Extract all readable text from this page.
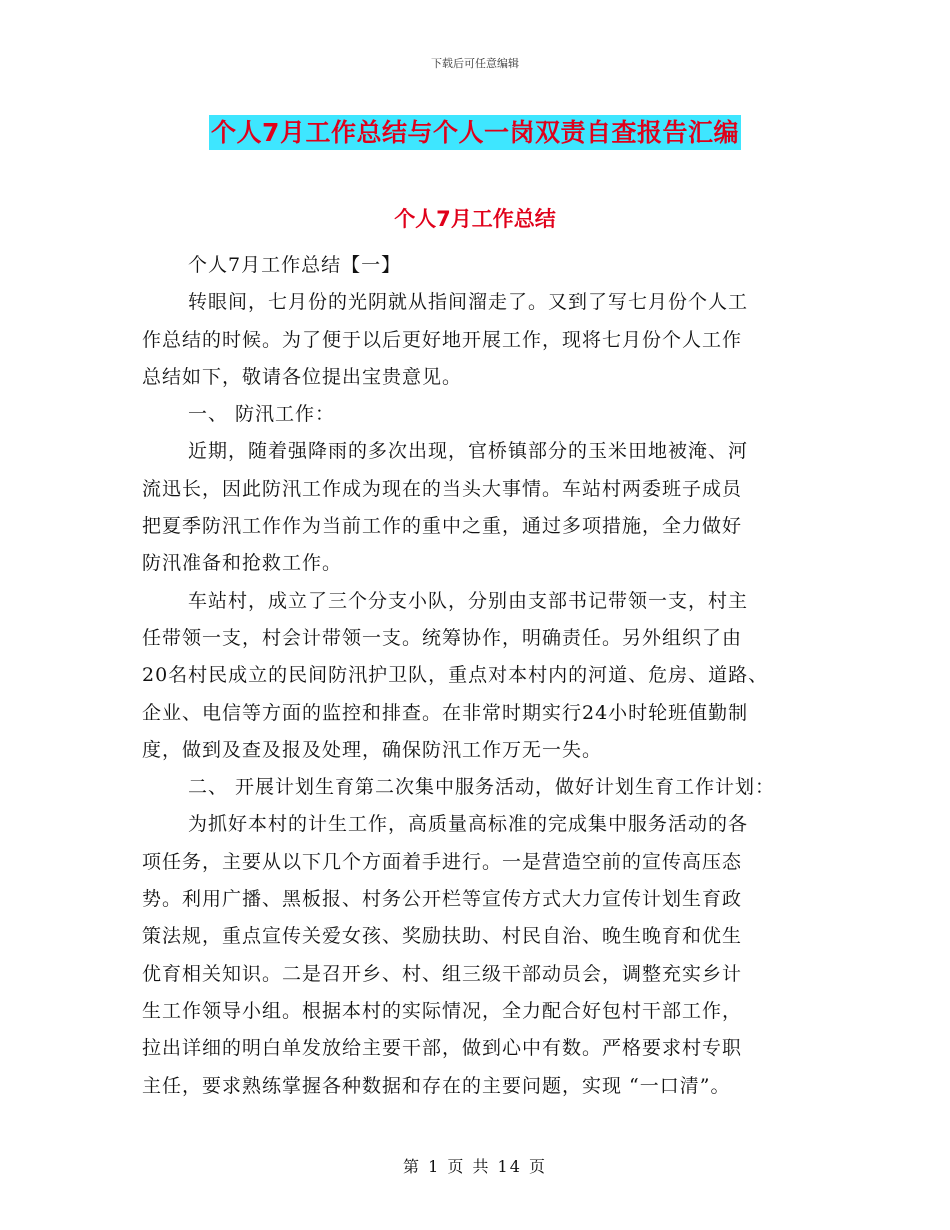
下载后可任意编辑
个人7月工作总结与个人一岗双责自查报告汇编
个人7月工作总结
个人7月工作总结【一】
转眼间，七月份的光阴就从指间溜走了。又到了写七月份个人工
作总结的时候。为了便于以后更好地开展工作，现将七月份个人工作
总结如下，敬请各位提出宝贵意见。
一、 防汛工作：
近期，随着强降雨的多次出现，官桥镇部分的玉米田地被淹、河
流迅长，因此防汛工作成为现在的当头大事情。车站村两委班子成员
把夏季防汛工作作为当前工作的重中之重，通过多项措施，全力做好
防汛准备和抢救工作。
车站村，成立了三个分支小队，分别由支部书记带领一支，村主
任带领一支，村会计带领一支。统筹协作，明确责任。另外组织了由
20名村民成立的民间防汛护卫队，重点对本村内的河道、危房、道路、
企业、电信等方面的监控和排查。在非常时期实行24小时轮班值勤制
度，做到及查及报及处理，确保防汛工作万无一失。
二、 开展计划生育第二次集中服务活动，做好计划生育工作计划：
为抓好本村的计生工作，高质量高标准的完成集中服务活动的各
项任务，主要从以下几个方面着手进行。一是营造空前的宣传高压态
势。利用广播、黑板报、村务公开栏等宣传方式大力宣传计划生育政
策法规，重点宣传关爱女孩、奖励扶助、村民自治、晚生晚育和优生
优育相关知识。二是召开乡、村、组三级干部动员会，调整充实乡计
生工作领导小组。根据本村的实际情况，全力配合好包村干部工作，
拉出详细的明白单发放给主要干部，做到心中有数。严格要求村专职
主任，要求熟练掌握各种数据和存在的主要问题，实现 “一口清”。
第 1 页 共 14 页
